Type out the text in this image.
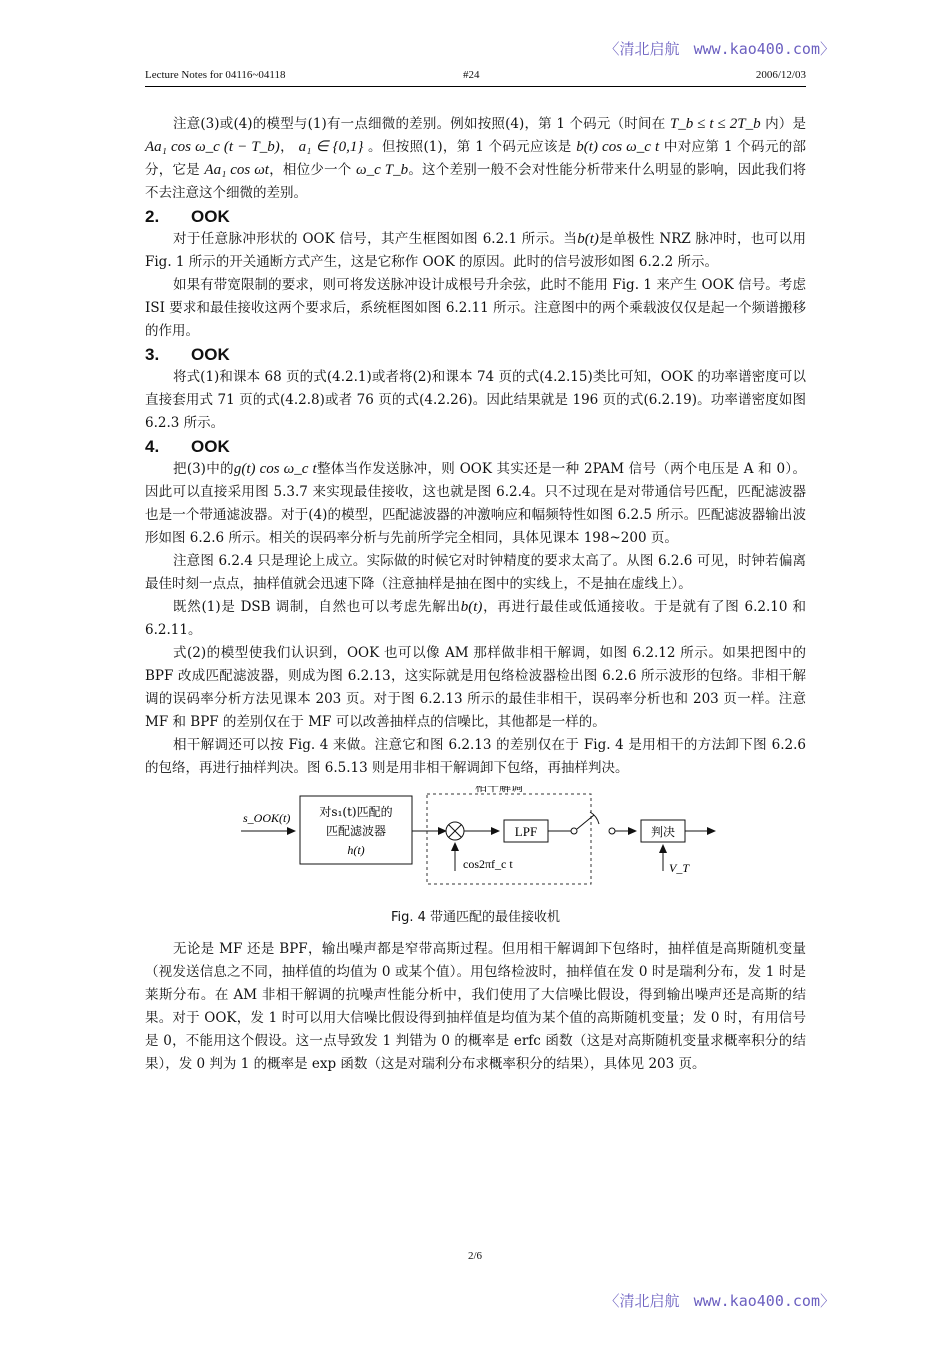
〈清北启航 www.kao400.com〉
Lecture Notes for 04116~04118	#24	2006/12/03

注意(3)或(4)的模型与(1)有一点细微的差别。例如按照(4)，第 1 个码元（时间在 T_b ≤ t ≤ 2T_b 内）是 Aa₁ cos ω_c (t − T_b)， a₁ ∈ {0,1} 。但按照(1)，第 1 个码元应该是 b(t) cos ω_c t 中对应第 1 个码元的部分，它是 Aa₁ cos ωt，相位少一个 ω_c T_b。这个差别一般不会对性能分析带来什么明显的影响，因此我们将不去注意这个细微的差别。

2. OOK

对于任意脉冲形状的 OOK 信号，其产生框图如图 6.2.1 所示。当b(t)是单极性 NRZ 脉冲时，也可以用 Fig. 1 所示的开关通断方式产生，这是它称作 OOK 的原因。此时的信号波形如图 6.2.2 所示。

如果有带宽限制的要求，则可将发送脉冲设计成根号升余弦，此时不能用 Fig. 1 来产生 OOK 信号。考虑 ISI 要求和最佳接收这两个要求后，系统框图如图 6.2.11 所示。注意图中的两个乘载波仅仅是起一个频谱搬移的作用。

3. OOK

将式(1)和课本 68 页的式(4.2.1)或者将(2)和课本 74 页的式(4.2.15)类比可知，OOK 的功率谱密度可以直接套用式 71 页的式(4.2.8)或者 76 页的式(4.2.26)。因此结果就是 196 页的式(6.2.19)。功率谱密度如图 6.2.3 所示。

4. OOK

把(3)中的g(t) cos ω_c t整体当作发送脉冲，则 OOK 其实还是一种 2PAM 信号（两个电压是 A 和 0）。因此可以直接采用图 5.3.7 来实现最佳接收，这也就是图 6.2.4。只不过现在是对带通信号匹配，匹配滤波器也是一个带通滤波器。对于(4)的模型，匹配滤波器的冲激响应和幅频特性如图 6.2.5 所示。匹配滤波器输出波形如图 6.2.6 所示。相关的误码率分析与先前所学完全相同，具体见课本 198~200 页。

注意图 6.2.4 只是理论上成立。实际做的时候它对时钟精度的要求太高了。从图 6.2.6 可见，时钟若偏离最佳时刻一点点，抽样值就会迅速下降（注意抽样是抽在图中的实线上，不是抽在虚线上）。

既然(1)是 DSB 调制，自然也可以考虑先解出b(t)，再进行最佳或低通接收。于是就有了图 6.2.10 和 6.2.11。

式(2)的模型使我们认识到，OOK 也可以像 AM 那样做非相干解调，如图 6.2.12 所示。如果把图中的 BPF 改成匹配滤波器，则成为图 6.2.13，这实际就是用包络检波器检出图 6.2.6 所示波形的包络。非相干解调的误码率分析方法见课本 203 页。对于图 6.2.13 所示的最佳非相干，误码率分析也和 203 页一样。注意 MF 和 BPF 的差别仅在于 MF 可以改善抽样点的信噪比，其他都是一样的。

相干解调还可以按 Fig. 4 来做。注意它和图 6.2.13 的差别仅在于 Fig. 4 是用相干的方法卸下图 6.2.6 的包络，再进行抽样判决。图 6.5.13 则是用非相干解调卸下包络，再抽样判决。

s_OOK(t) 对s₁(t)匹配的
匹配滤波器
h(t)
相干解调
cos2πf_c t
LPF	判决
V_T
Fig. 4 带通匹配的最佳接收机

无论是 MF 还是 BPF，输出噪声都是窄带高斯过程。但用相干解调卸下包络时，抽样值是高斯随机变量（视发送信息之不同，抽样值的均值为 0 或某个值）。用包络检波时，抽样值在发 0 时是瑞利分布，发 1 时是莱斯分布。在 AM 非相干解调的抗噪声性能分析中，我们使用了大信噪比假设，得到输出噪声还是高斯的结果。对于 OOK，发 1 时可以用大信噪比假设得到抽样值是均值为某个值的高斯随机变量；发 0 时，有用信号是 0，不能用这个假设。这一点导致发 1 判错为 0 的概率是 erfc 函数（这是对高斯随机变量求概率积分的结果），发 0 判为 1 的概率是 exp 函数（这是对瑞利分布求概率积分的结果），具体见 203 页。

2/6
〈清北启航 www.kao400.com〉
